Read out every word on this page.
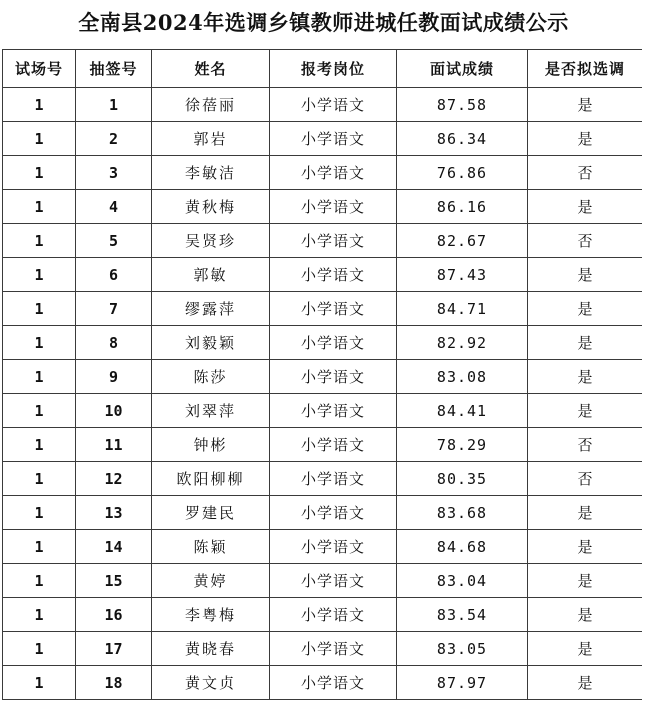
全南县2024年选调乡镇教师进城任教面试成绩公示
试场号	抽签号	姓名	报考岗位	面试成绩	是否拟选调
1	1	徐蓓丽	小学语文	87.58	是
1	2	郭岩	小学语文	86.34	是
1	3	李敏洁	小学语文	76.86	否
1	4	黄秋梅	小学语文	86.16	是
1	5	吴贤珍	小学语文	82.67	否
1	6	郭敏	小学语文	87.43	是
1	7	缪露萍	小学语文	84.71	是
1	8	刘毅颖	小学语文	82.92	是
1	9	陈莎	小学语文	83.08	是
1	10	刘翠萍	小学语文	84.41	是
1	11	钟彬	小学语文	78.29	否
1	12	欧阳柳柳	小学语文	80.35	否
1	13	罗建民	小学语文	83.68	是
1	14	陈颖	小学语文	84.68	是
1	15	黄婷	小学语文	83.04	是
1	16	李粤梅	小学语文	83.54	是
1	17	黄晓春	小学语文	83.05	是
1	18	黄文贞	小学语文	87.97	是
